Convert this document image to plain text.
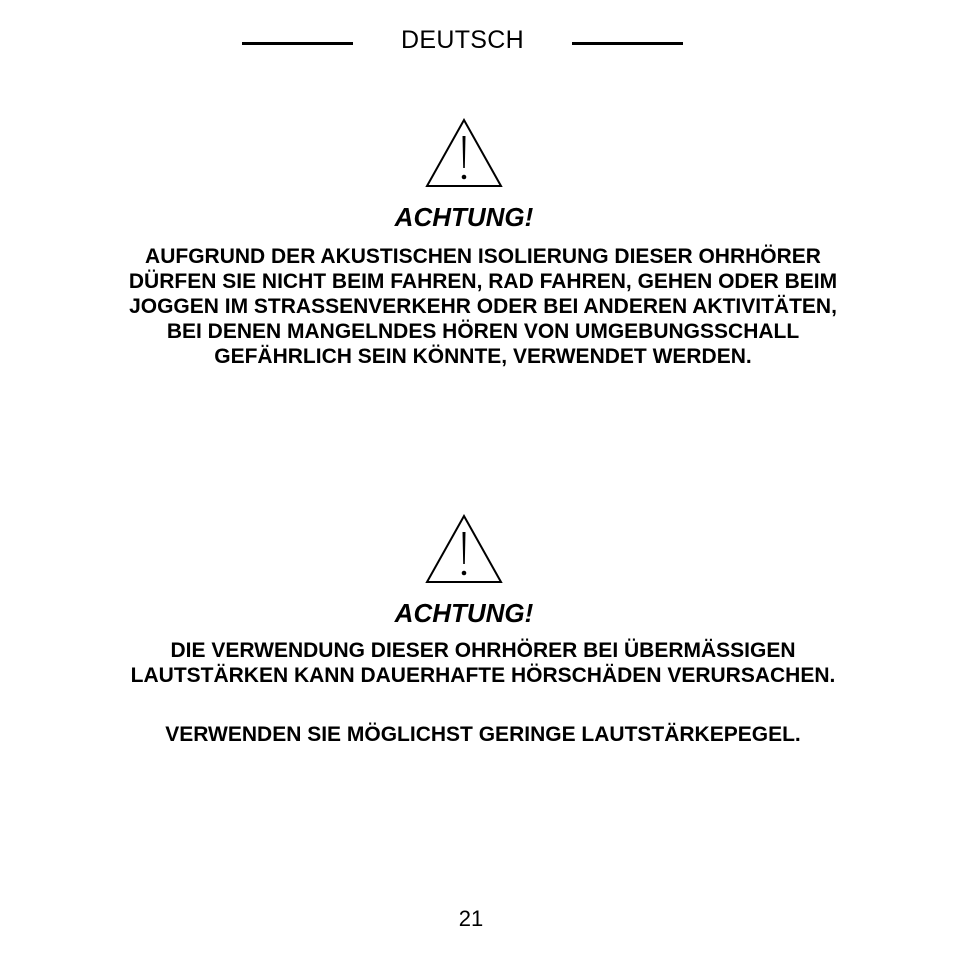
DEUTSCH
ACHTUNG!

AUFGRUND DER AKUSTISCHEN ISOLIERUNG DIESER OHRHÖRER DÜRFEN SIE NICHT BEIM FAHREN, RAD FAHREN, GEHEN ODER BEIM JOGGEN IM STRASSENVERKEHR ODER BEI ANDEREN AKTIVITÄTEN, BEI DENEN MANGELNDES HÖREN VON UMGEBUNGSSCHALL GEFÄHRLICH SEIN KÖNNTE, VERWENDET WERDEN.

ACHTUNG!

DIE VERWENDUNG DIESER OHRHÖRER BEI ÜBERMÄSSIGEN LAUTSTÄRKEN KANN DAUERHAFTE HÖRSCHÄDEN VERURSACHEN.

VERWENDEN SIE MÖGLICHST GERINGE LAUTSTÄRKEPEGEL.

21
